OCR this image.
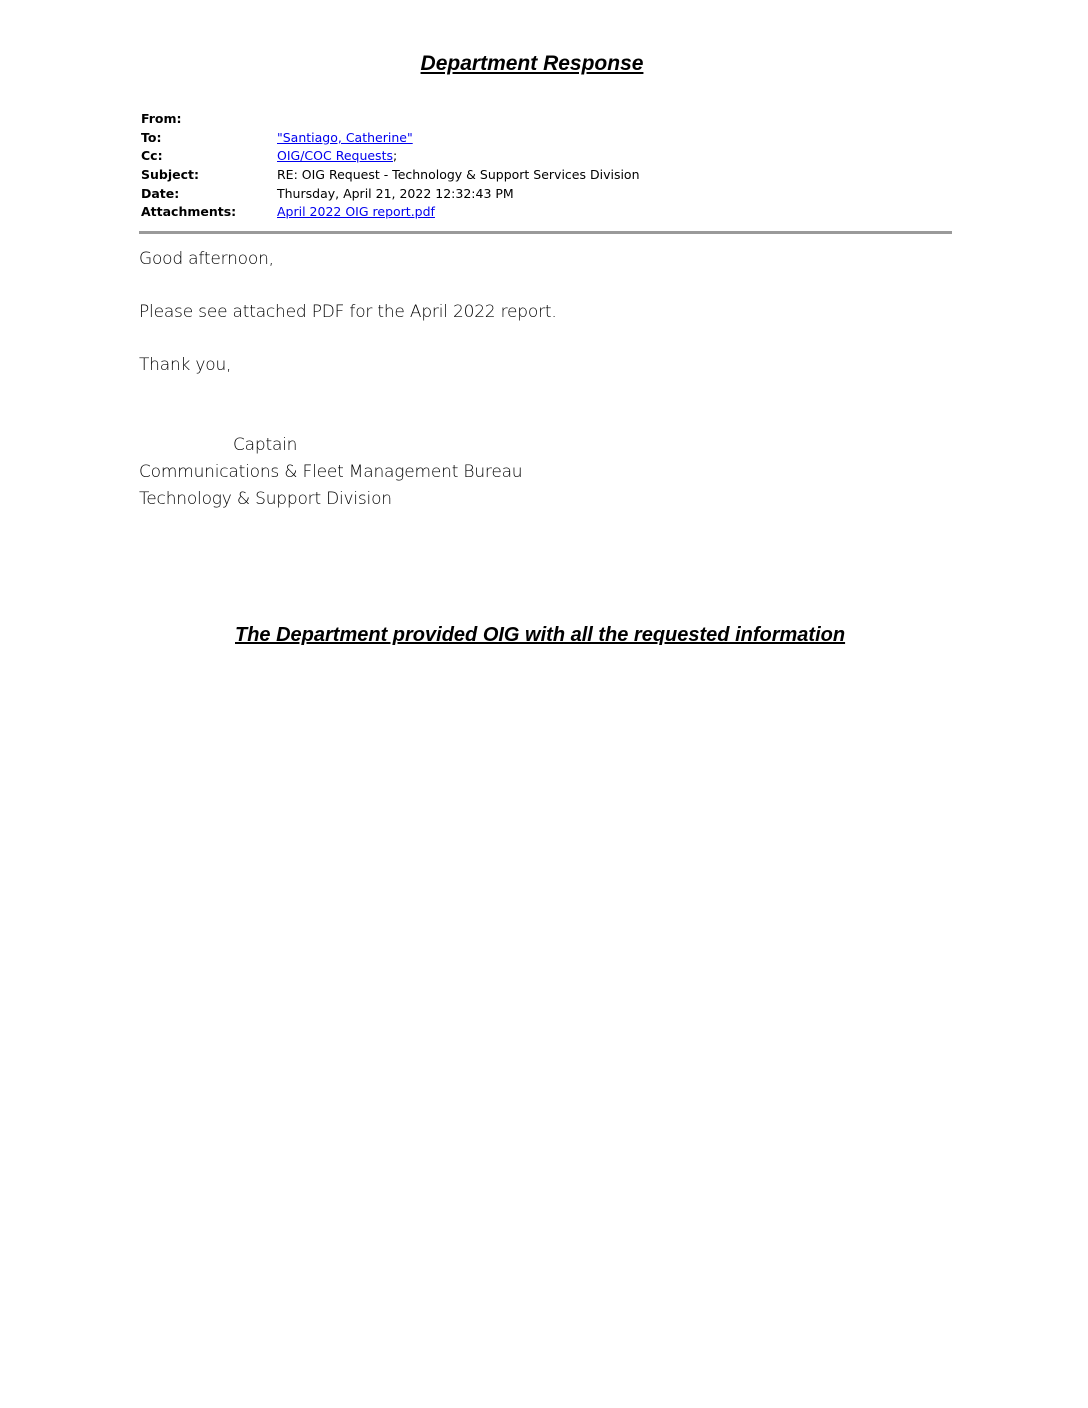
Department Response
From:
To:	"Santiago, Catherine"
Cc:	OIG/COC Requests ;
Subject:	RE: OIG Request - Technology & Support Services Division
Date:	Thursday, April 21, 2022 12:32:43 PM
Attachments:	April 2022 OIG report.pdf
Good afternoon,
Please see attached PDF for the April 2022 report.
Thank you,
Captain
Communications & Fleet Management Bureau
Technology & Support Division
The Department provided OIG with all the requested information
